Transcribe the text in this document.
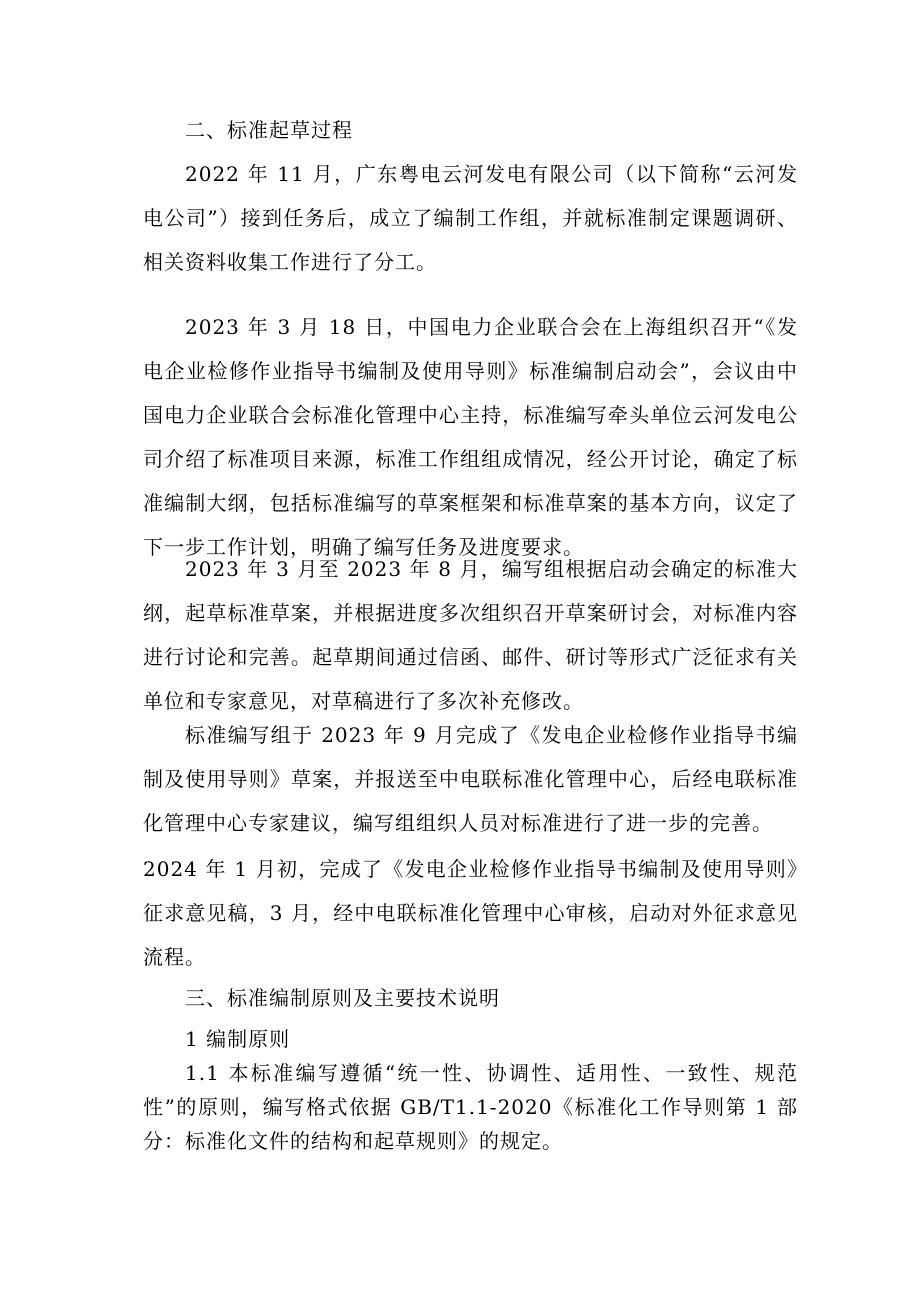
二、标准起草过程

2022 年 11 月，广东粤电云河发电有限公司（以下简称“云河发电公司”）接到任务后，成立了编制工作组，并就标准制定课题调研、相关资料收集工作进行了分工。

2023 年 3 月 18 日，中国电力企业联合会在上海组织召开“《发电企业检修作业指导书编制及使用导则》标准编制启动会”，会议由中国电力企业联合会标准化管理中心主持，标准编写牵头单位云河发电公司介绍了标准项目来源，标准工作组组成情况，经公开讨论，确定了标准编制大纲，包括标准编写的草案框架和标准草案的基本方向，议定了下一步工作计划，明确了编写任务及进度要求。

2023 年 3 月至 2023 年 8 月，编写组根据启动会确定的标准大纲，起草标准草案，并根据进度多次组织召开草案研讨会，对标准内容进行讨论和完善。起草期间通过信函、邮件、研讨等形式广泛征求有关单位和专家意见，对草稿进行了多次补充修改。

标准编写组于 2023 年 9 月完成了《发电企业检修作业指导书编制及使用导则》草案，并报送至中电联标准化管理中心，后经电联标准化管理中心专家建议，编写组组织人员对标准进行了进一步的完善。

2024 年 1 月初，完成了《发电企业检修作业指导书编制及使用导则》征求意见稿，3 月，经中电联标准化管理中心审核，启动对外征求意见流程。

三、标准编制原则及主要技术说明

1 编制原则

1.1 本标准编写遵循“统一性、协调性、适用性、一致性、规范性”的原则，编写格式依据 GB/T1.1-2020《标准化工作导则第 1 部分：标准化文件的结构和起草规则》的规定。
